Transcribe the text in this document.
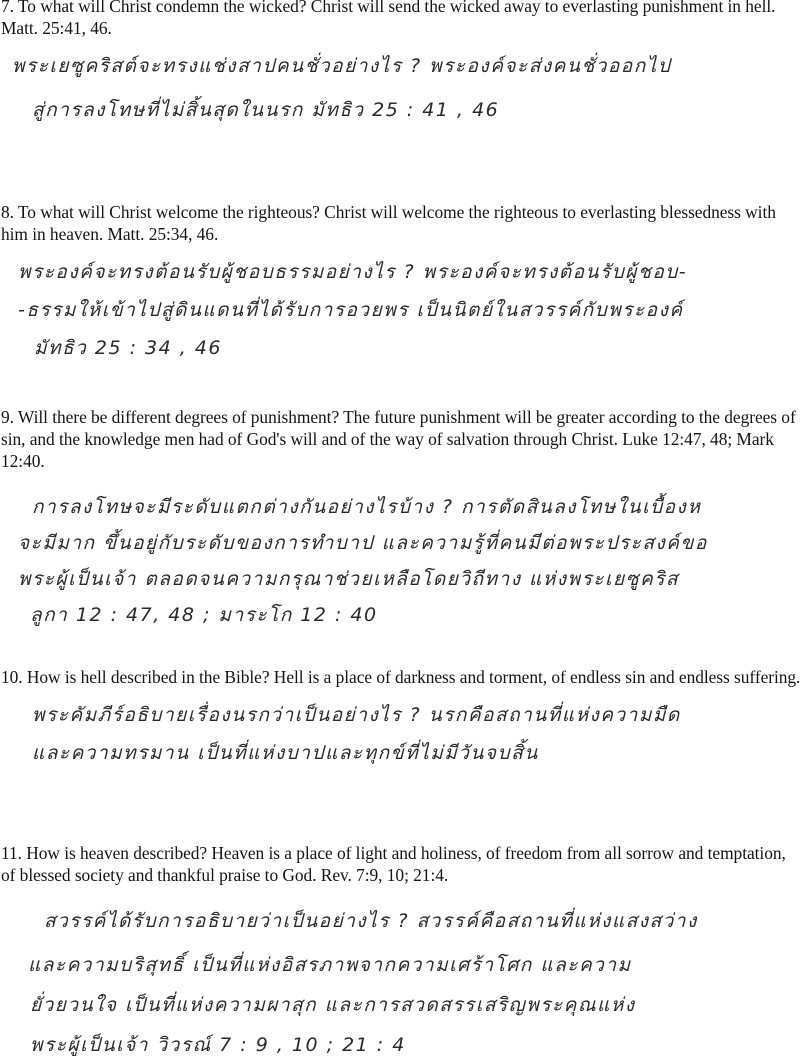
7. To what will Christ condemn the wicked? Christ will send the wicked away to everlasting punishment in hell. Matt. 25:41, 46.

พระเยซูคริสต์จะทรงแช่งสาปคนชั่วอย่างไร ? พระองค์จะส่งคนชั่วออกไป
สู่การลงโทษที่ไม่สิ้นสุดในนรก มัทธิว 25 : 41 , 46

8. To what will Christ welcome the righteous? Christ will welcome the righteous to everlasting blessedness with him in heaven. Matt. 25:34, 46.

พระองค์จะทรงต้อนรับผู้ชอบธรรมอย่างไร ? พระองค์จะทรงต้อนรับผู้ชอบ-
-ธรรมให้เข้าไปสู่ดินแดนที่ได้รับการอวยพร เป็นนิตย์ในสวรรค์กับพระองค์
มัทธิว 25 : 34 , 46

9. Will there be different degrees of punishment? The future punishment will be greater according to the degrees of sin, and the knowledge men had of God's will and of the way of salvation through Christ. Luke 12:47, 48; Mark 12:40.

การลงโทษจะมีระดับแตกต่างกันอย่างไรบ้าง ? การตัดสินลงโทษในเบื้องห
จะมีมาก ขึ้นอยู่กับระดับของการทำบาป และความรู้ที่คนมีต่อพระประสงค์ขอ
พระผู้เป็นเจ้า ตลอดจนความกรุณาช่วยเหลือโดยวิถีทาง แห่งพระเยซูคริส
ลูกา 12 : 47, 48 ; มาระโก 12 : 40

10. How is hell described in the Bible? Hell is a place of darkness and torment, of endless sin and endless suffering.

พระคัมภีร์อธิบายเรื่องนรกว่าเป็นอย่างไร ? นรกคือสถานที่แห่งความมืด
และความทรมาน เป็นที่แห่งบาปและทุกข์ที่ไม่มีวันจบสิ้น

11. How is heaven described? Heaven is a place of light and holiness, of freedom from all sorrow and temptation, of blessed society and thankful praise to God. Rev. 7:9, 10; 21:4.

สวรรค์ได้รับการอธิบายว่าเป็นอย่างไร ? สวรรค์คือสถานที่แห่งแสงสว่าง
และความบริสุทธิ์ เป็นที่แห่งอิสรภาพจากความเศร้าโศก และความ
ยั่วยวนใจ เป็นที่แห่งความผาสุก และการสวดสรรเสริญพระคุณแห่ง
พระผู้เป็นเจ้า วิวรณ์ 7 : 9 , 10 ; 21 : 4
